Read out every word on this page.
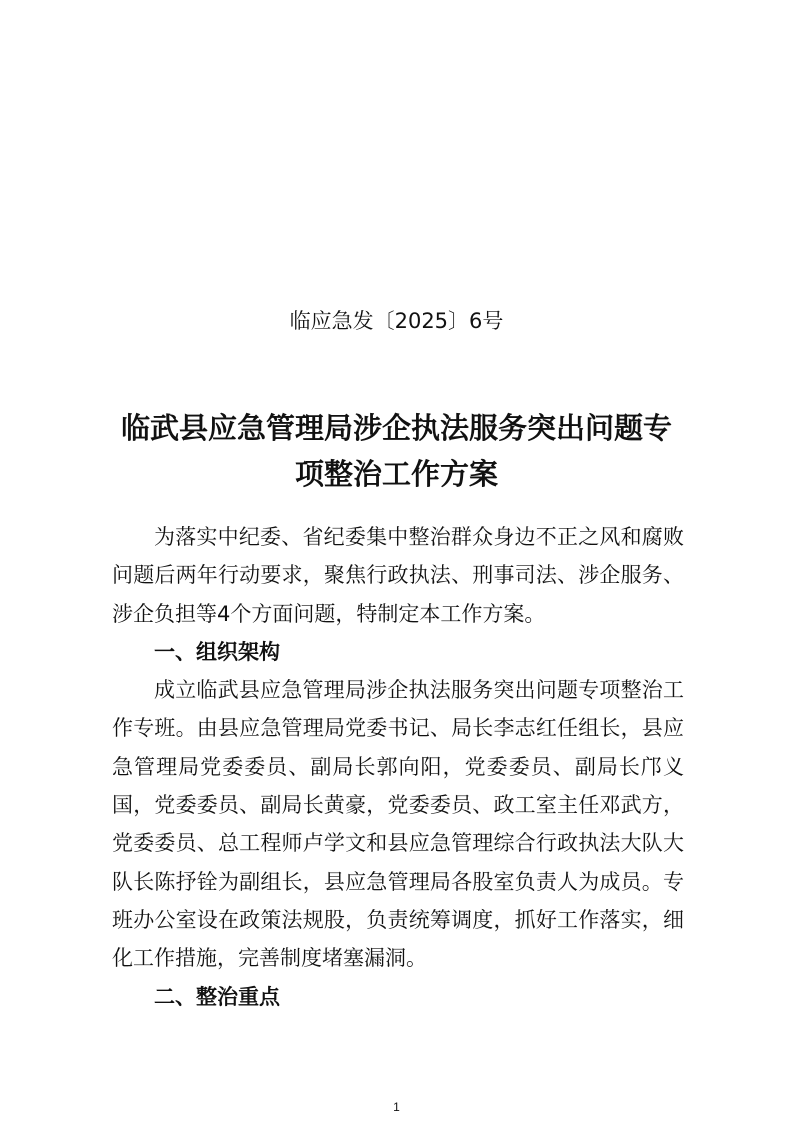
临应急发〔2025〕6号

临武县应急管理局涉企执法服务突出问题专项整治工作方案

为落实中纪委、省纪委集中整治群众身边不正之风和腐败问题后两年行动要求，聚焦行政执法、刑事司法、涉企服务、涉企负担等4个方面问题，特制定本工作方案。

一、组织架构

成立临武县应急管理局涉企执法服务突出问题专项整治工作专班。由县应急管理局党委书记、局长李志红任组长，县应急管理局党委委员、副局长郭向阳，党委委员、副局长邝义国，党委委员、副局长黄豪，党委委员、政工室主任邓武方，党委委员、总工程师卢学文和县应急管理综合行政执法大队大队长陈抒铨为副组长，县应急管理局各股室负责人为成员。专班办公室设在政策法规股，负责统筹调度，抓好工作落实，细化工作措施，完善制度堵塞漏洞。

二、整治重点

1
